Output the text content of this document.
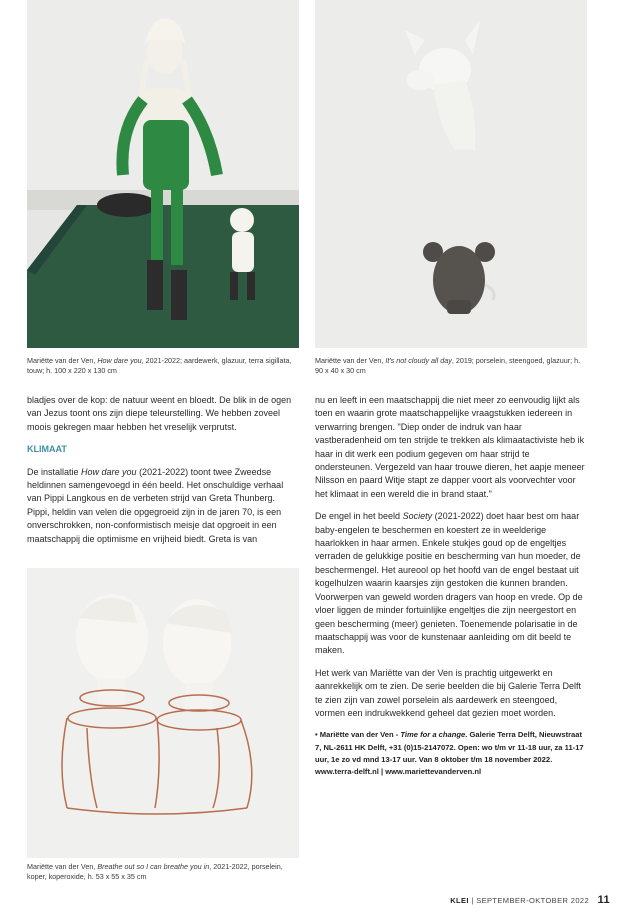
Mariëtte van der Ven, How dare you, 2021-2022; aardewerk, glazuur, terra sigillata, touw; h. 100 x 220 x 130 cm
Mariëtte van der Ven, It's not cloudy all day, 2019; porselein, steengoed, glazuur; h. 90 x 40 x 30 cm

bladjes over de kop: de natuur weent en bloedt. De blik in de ogen van Jezus toont ons zijn diepe teleurstelling. We hebben zoveel moois gekregen maar hebben het vreselijk verprutst.

KLIMAAT

De installatie How dare you (2021-2022) toont twee Zweedse heldinnen samengevoegd in één beeld. Het onschuldige verhaal van Pippi Langkous en de verbeten strijd van Greta Thunberg. Pippi, heldin van velen die opgegroeid zijn in de jaren 70, is een onverschrokken, non-conformistisch meisje dat opgroeit in een maatschappij die optimisme en vrijheid biedt. Greta is van

Mariëtte van der Ven, Breathe out so I can breathe you in, 2021-2022, porselein, koper, koperoxide, h. 53 x 55 x 35 cm

nu en leeft in een maatschappij die niet meer zo eenvoudig lijkt als toen en waarin grote maatschappelijke vraagstukken iedereen in verwarring brengen. "Diep onder de indruk van haar vastberadenheid om ten strijde te trekken als klimaatactiviste heb ik haar in dit werk een podium gegeven om haar strijd te ondersteunen. Vergezeld van haar trouwe dieren, het aapje meneer Nilsson en paard Witje stapt ze dapper voort als voorvechter voor het klimaat in een wereld die in brand staat."

De engel in het beeld Society (2021-2022) doet haar best om haar baby-engelen te beschermen en koestert ze in weelderige haarlokken in haar armen. Enkele stukjes goud op de engeltjes verraden de gelukkige positie en bescherming van hun moeder, de beschermengel. Het aureool op het hoofd van de engel bestaat uit kogelhulzen waarin kaarsjes zijn gestoken die kunnen branden. Voorwerpen van geweld worden dragers van hoop en vrede. Op de vloer liggen de minder fortuinlijke engeltjes die zijn neergestort en geen bescherming (meer) genieten. Toenemende polarisatie in de maatschappij was voor de kunstenaar aanleiding om dit beeld te maken.

Het werk van Mariëtte van der Ven is prachtig uitgewerkt en aanrekkelijk om te zien. De serie beelden die bij Galerie Terra Delft te zien zijn van zowel porselein als aardewerk en steengoed, vormen een indrukwekkend geheel dat gezien moet worden.

• Mariëtte van der Ven - Time for a change. Galerie Terra Delft, Nieuwstraat 7, NL-2611 HK Delft, +31 (0)15-2147072. Open: wo t/m vr 11-18 uur, za 11-17 uur, 1e zo vd mnd 13-17 uur. Van 8 oktober t/m 18 november 2022.
www.terra-delft.nl | www.mariettevanderven.nl
KLEI | SEPTEMBER-OKTOBER 2022 11
